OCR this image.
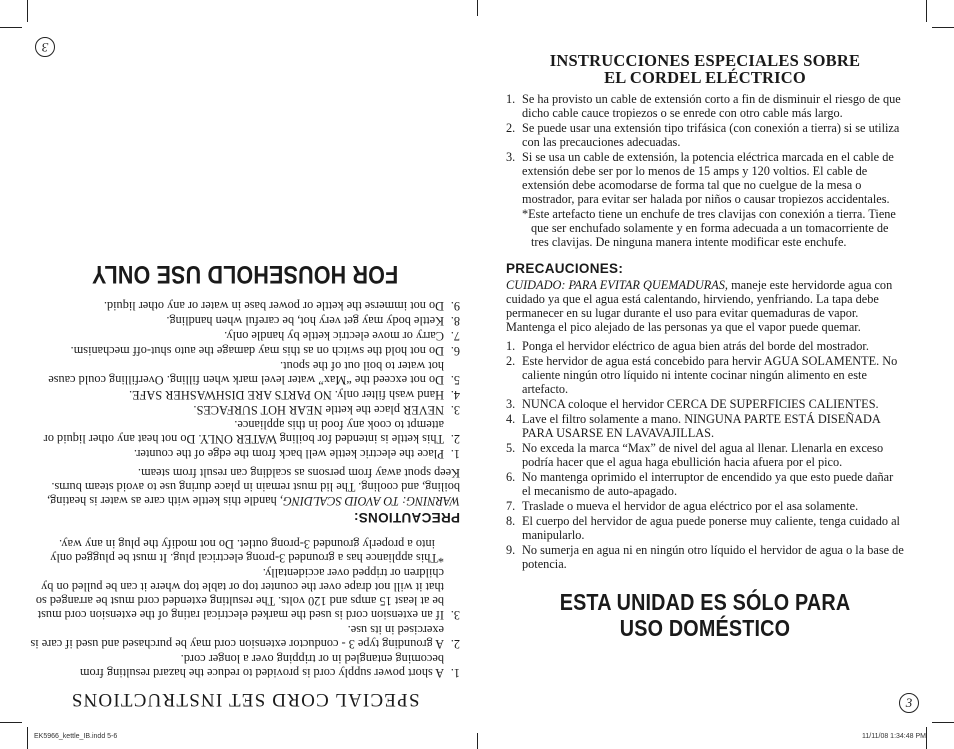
3
SPECIAL CORD SET INSTRUCTIONS
1.
A short power supply cord is provided to reduce the hazard resulting from becoming entangled in or tripping over a longer cord.
2.
A grounding type 3 - conductor extension cord may be purchased and used if care is exercised in its use.
3.
If an extension cord is used the marked electrical rating of the extension cord must be at least 15 amps and 120 volts. The resulting extended cord must be arranged so that it will not drape over the counter top or table top where it can be pulled on by children or tripped over accidentally.
*This appliance has a grounded 3-prong electrical plug. It must be plugged only into a properly grounded 3-prong outlet. Do not modify the plug in any way.
PRECAUTIONS:
WARNING: TO AVOID SCALDING, handle this kettle with care as water is heating, boiling, and cooling. The lid must remain in place during use to avoid steam burns. Keep spout away from persons as scalding can result from steam.
1.
Place the electric kettle well back from the edge of the counter.
2.
This kettle is intended for boiling WATER ONLY. Do not heat any other liquid or attempt to cook any food in this appliance.
3.
NEVER place the kettle NEAR HOT SURFACES.
4.
Hand wash filter only. NO PARTS ARE DISHWASHER SAFE.
5.
Do not exceed the “Max” water level mark when filling. Overfilling could cause hot water to boil out of the spout.
6.
Do not hold the switch on as this may damage the auto shut-off mechanism.
7.
Carry or move electric kettle by handle only.
8.
Kettle body may get very hot, be careful when handling.
9.
Do not immerse the kettle or power base in water or any other liquid.
FOR HOUSEHOLD USE ONLY
INSTRUCCIONES ESPECIALES SOBRE
EL CORDEL ELÉCTRICO
1. Se ha provisto un cable de extensión corto a fin de disminuir el riesgo de que dicho cable cauce tropiezos o se enrede con otro cable más largo.
2. Se puede usar una extensión tipo trifásica (con conexión a tierra) si se utiliza con las precauciones adecuadas.
3. Si se usa un cable de extensión, la potencia eléctrica marcada en el cable de extensión debe ser por lo menos de 15 amps y 120 voltios. El cable de extensión debe acomodarse de forma tal que no cuelgue de la mesa o mostrador, para evitar ser halada por niños o causar tropiezos accidentales.
*Este artefacto tiene un enchufe de tres clavijas con conexión a tierra. Tiene que ser enchufado solamente y en forma adecuada a un tomacorriente de tres clavijas. De ninguna manera intente modificar este enchufe.
PRECAUCIONES:
CUIDADO: PARA EVITAR QUEMADURAS, maneje este hervidorde agua con cuidado ya que el agua está calentando, hirviendo, yenfriando. La tapa debe permanecer en su lugar durante el uso para evitar quemaduras de vapor. Mantenga el pico alejado de las personas ya que el vapor puede quemar.
1. Ponga el hervidor eléctrico de agua bien atrás del borde del mostrador.
2. Este hervidor de agua está concebido para hervir AGUA SOLAMENTE. No caliente ningún otro líquido ni intente cocinar ningún alimento en este artefacto.
3. NUNCA coloque el hervidor CERCA DE SUPERFICIES CALIENTES.
4. Lave el filtro solamente a mano. NINGUNA PARTE ESTÁ DISEÑADA PARA USARSE EN LAVAVAJILLAS.
5. No exceda la marca “Max” de nivel del agua al llenar. Llenarla en exceso podría hacer que el agua haga ebullición hacia afuera por el pico.
6. No mantenga oprimido el interruptor de encendido ya que esto puede dañar el mecanismo de auto-apagado.
7. Traslade o mueva el hervidor de agua eléctrico por el asa solamente.
8. El cuerpo del hervidor de agua puede ponerse muy caliente, tenga cuidado al manipularlo.
9. No sumerja en agua ni en ningún otro líquido el hervidor de agua o la base de potencia.
ESTA UNIDAD ES SÓLO PARA
USO DOMÉSTICO
3
EK5966_kettle_IB.indd 5-6	11/11/08 1:34:48 PM
